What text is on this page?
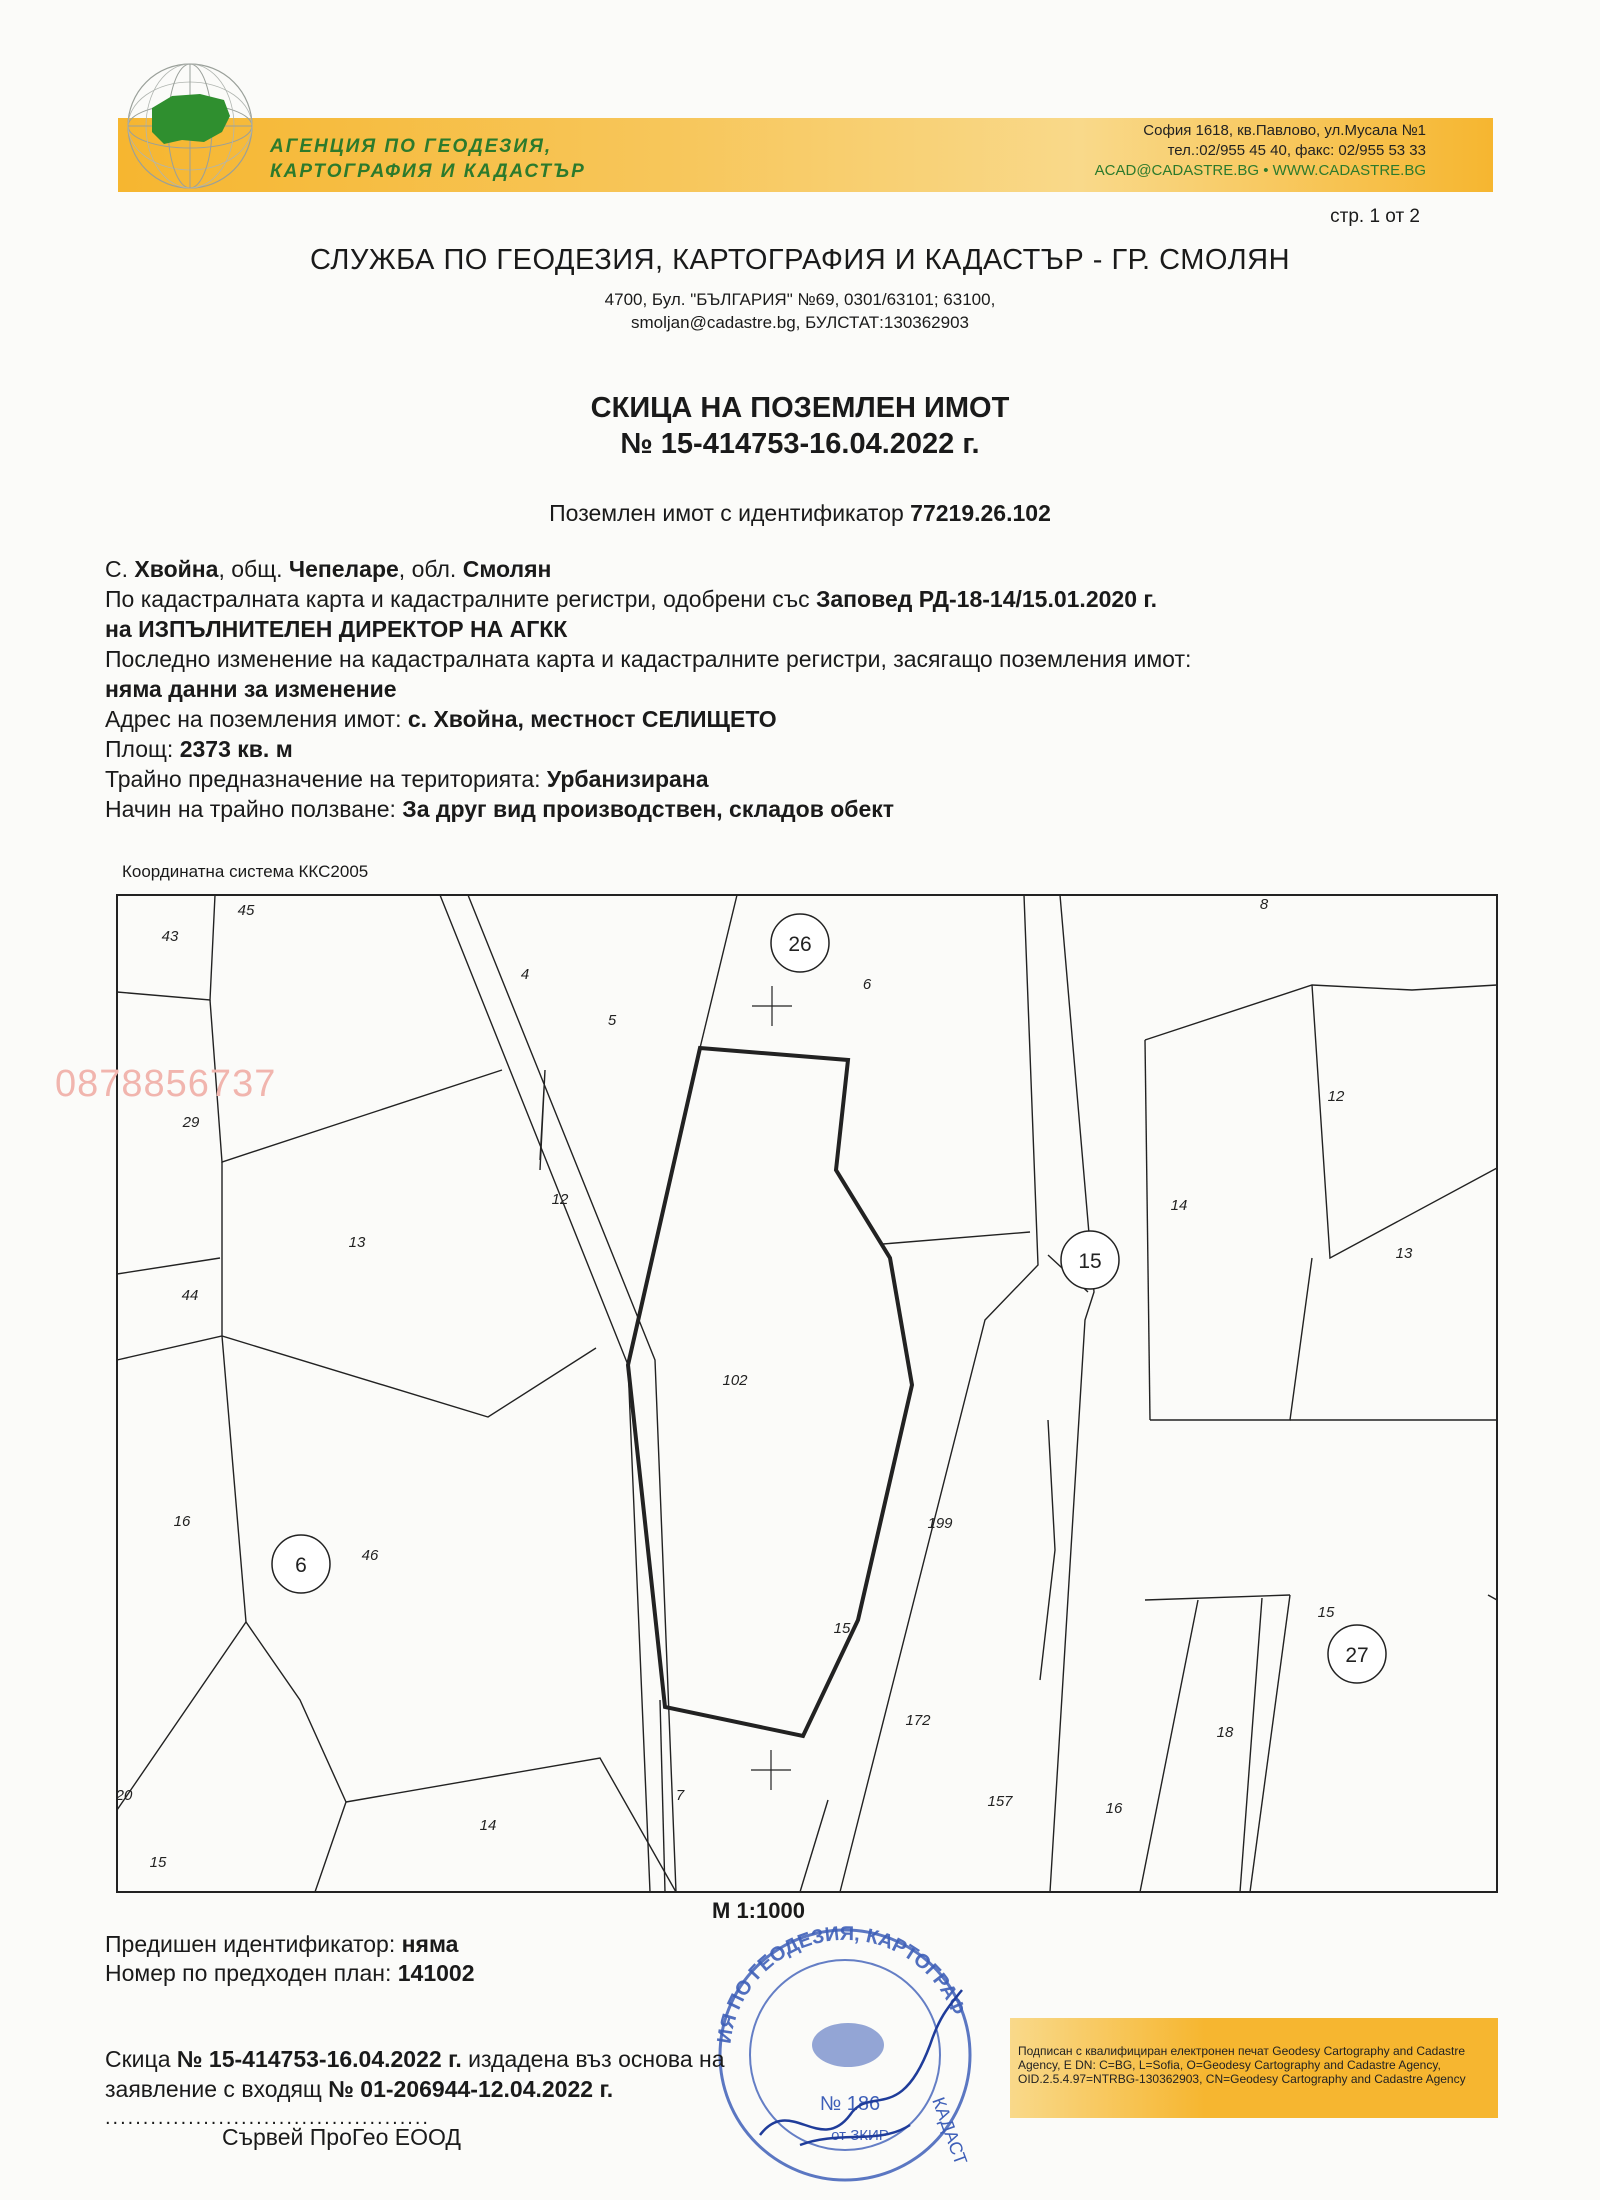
АГЕНЦИЯ ПО ГЕОДЕЗИЯ,
КАРТОГРАФИЯ И КАДАСТЪР
София 1618, кв.Павлово, ул.Мусала №1
тел.:02/955 45 40, факс: 02/955 53 33
ACAD@CADASTRE.BG • WWW.CADASTRE.BG
стр. 1 от 2
СЛУЖБА ПО ГЕОДЕЗИЯ, КАРТОГРАФИЯ И КАДАСТЪР - ГР. СМОЛЯН
4700, Бул. "БЪЛГАРИЯ" №69, 0301/63101; 63100,
smoljan@cadastre.bg, БУЛСТАТ:130362903
СКИЦА НА ПОЗЕМЛЕН ИМОТ
№ 15-414753-16.04.2022 г.
Поземлен имот с идентификатор 77219.26.102
С. Хвойна, общ. Чепеларе, обл. Смолян
По кадастралната карта и кадастралните регистри, одобрени със Заповед РД-18-14/15.01.2020 г.
на ИЗПЪЛНИТЕЛЕН ДИРЕКТОР НА АГКК
Последно изменение на кадастралната карта и кадастралните регистри, засягащо поземления имот:
няма данни за изменение
Адрес на поземления имот: с. Хвойна, местност СЕЛИЩЕТО
Площ: 2373 кв. м
Трайно предназначение на територията: Урбанизирана
Начин на трайно ползване: За друг вид производствен, складов обект
Координатна система ККС2005
43
45
4
5
6
8
29
12
12	14
13
13
44
102
16
46
199
15
15
172
18
157	16
14
20
15
7
26
15
6
27
0878856737
М 1:1000
Предишен идентификатор: няма
Номер по предходен план: 141002
Подписан с квалифициран електронен печат Geodesy Cartography and Cadastre Agency, E DN: C=BG, L=Sofia, O=Geodesy Cartography and Cadastre Agency, OID.2.5.4.97=NTRBG-130362903, CN=Geodesy Cartography and Cadastre Agency
ИЯ ПО ГЕОДЕЗИЯ, КАРТОГРАФ
КАДАСТ
№ 186
от ЗКИР
Скица № 15-414753-16.04.2022 г. издадена въз основа на
заявление с входящ № 01-206944-12.04.2022 г.
...........................................
Сървей ПроГео ЕООД
